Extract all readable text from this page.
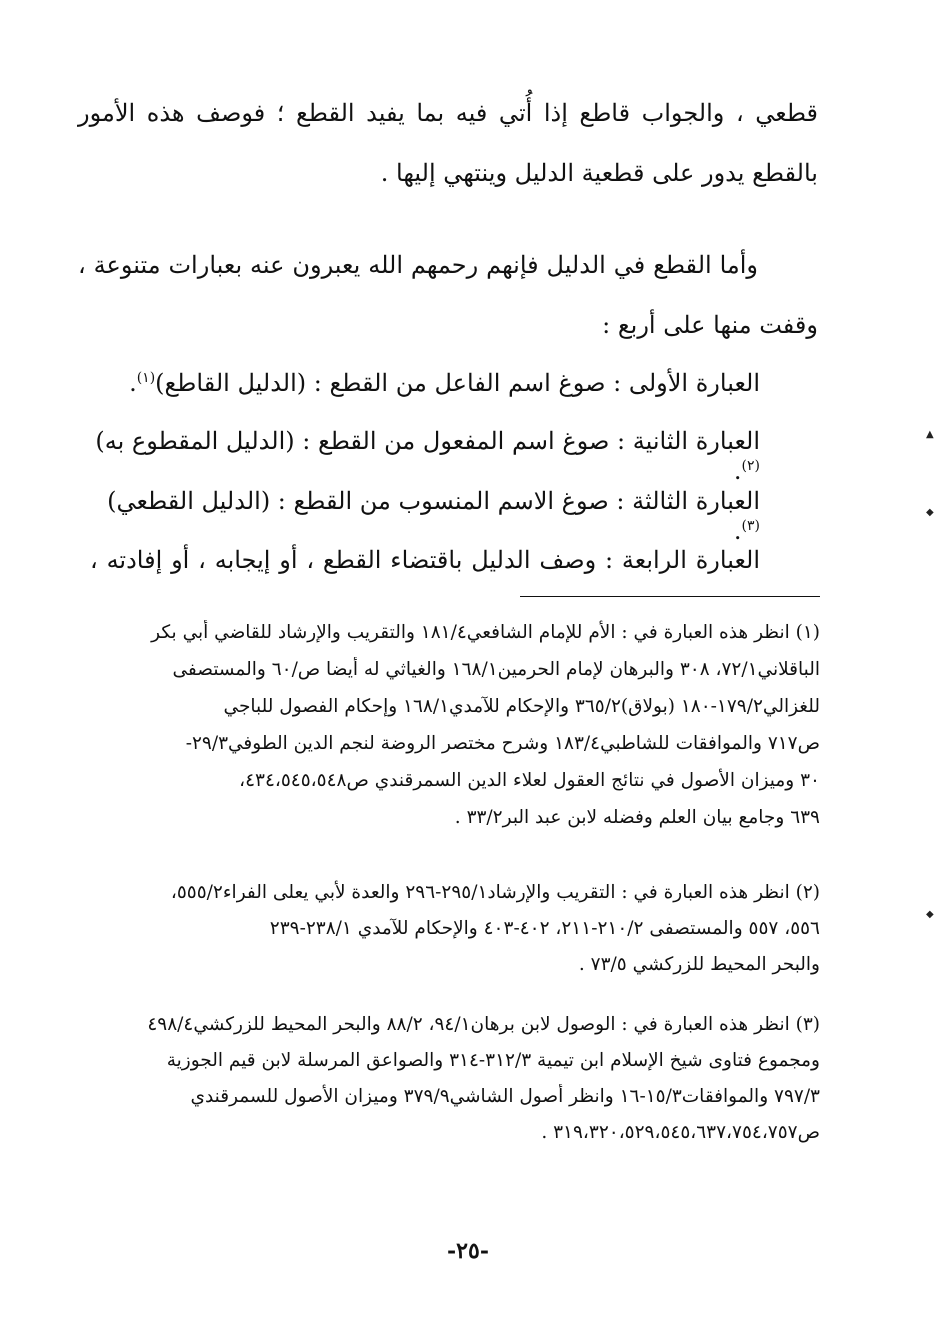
قطعي ، والجواب قاطع إذا أُتي فيه بما يفيد القطع ؛ فوصف هذه الأمور
بالقطع يدور على قطعية الدليل وينتهي إليها .
وأما القطع في الدليل فإنهم رحمهم الله يعبرون عنه بعبارات متنوعة ،
وقفت منها على أربع :
العبارة الأولى : صوغ اسم الفاعل من القطع : (الدليل القاطع)$^{(١)}$.
العبارة الثانية : صوغ اسم المفعول من القطع : (الدليل المقطوع به)$^{(٢)}$.
العبارة الثالثة : صوغ الاسم المنسوب من القطع : (الدليل القطعي)$^{(٣)}$.
العبارة الرابعة : وصف الدليل باقتضاء القطع ، أو إيجابه ، أو إفادته ،
(١) انظر هذه العبارة في : الأم للإمام الشافعي١٨١/٤ والتقريب والإرشاد للقاضي أبي بكر
الباقلاني٧٢/١، ٣٠٨ والبرهان لإمام الحرمين١٦٨/١ والغياثي له أيضا ص/٦٠ والمستصفى
للغزالي١٧٩/٢-١٨٠ (بولاق)٣٦٥/٢ والإحكام للآمدي١٦٨/١ وإحكام الفصول للباجي
ص٧١٧ والموافقات للشاطبي١٨٣/٤ وشرح مختصر الروضة لنجم الدين الطوفي٢٩/٣-
٣٠ وميزان الأصول في نتائج العقول لعلاء الدين السمرقندي ص٤٣٤،٥٤٥،٥٤٨،
٦٣٩ وجامع بيان العلم وفضله لابن عبد البر٣٣/٢ .
(٢) انظر هذه العبارة في : التقريب والإرشاد٢٩٥/١-٢٩٦ والعدة لأبي يعلى الفراء٥٥٥/٢،
٥٥٦، ٥٥٧ والمستصفى ٢١٠/٢-٢١١، ٤٠٢-٤٠٣ والإحكام للآمدي ٢٣٨/١-٢٣٩
والبحر المحيط للزركشي ٧٣/٥ .
(٣) انظر هذه العبارة في : الوصول لابن برهان٩٤/١، ٨٨/٢ والبحر المحيط للزركشي٤٩٨/٤
ومجموع فتاوى شيخ الإسلام ابن تيمية ٣١٢/٣-٣١٤ والصواعق المرسلة لابن قيم الجوزية
٧٩٧/٣ والموافقات١٥/٣-١٦ وانظر أصول الشاشي٣٧٩/٩ وميزان الأصول للسمرقندي
ص٣١٩،٣٢٠،٥٢٩،٥٤٥،٦٣٧،٧٥٤،٧٥٧ .
-٢٥-
▲
◆
◆
